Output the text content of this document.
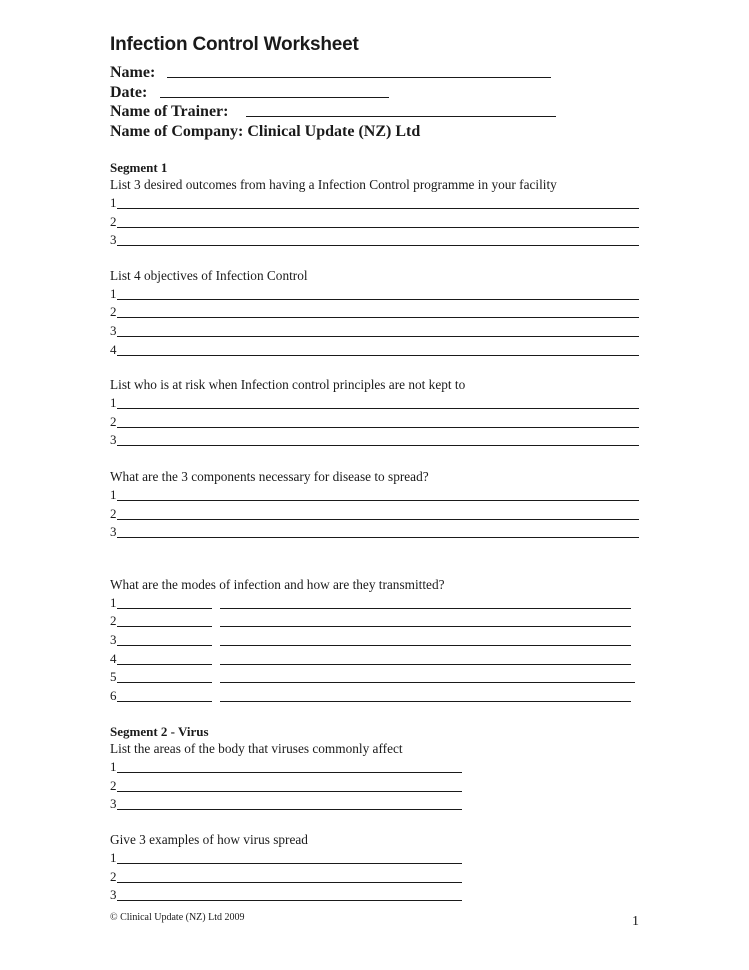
Infection Control Worksheet
Name:
Date:
Name of Trainer:
Name of Company: Clinical Update (NZ) Ltd
Segment 1
List 3 desired outcomes from having a Infection Control programme in your facility
1
2
3
List 4 objectives of Infection Control
1
2
3
4
List who is at risk when Infection control principles are not kept to
1
2
3
What are the 3 components necessary for disease to spread?
1
2
3
What are the modes of infection and how are they transmitted?
1
2
3
4
5
6
Segment 2 - Virus
List the areas of the body that viruses commonly affect
1
2
3
Give 3 examples of how virus spread
1
2
3
© Clinical Update (NZ) Ltd 2009	1
